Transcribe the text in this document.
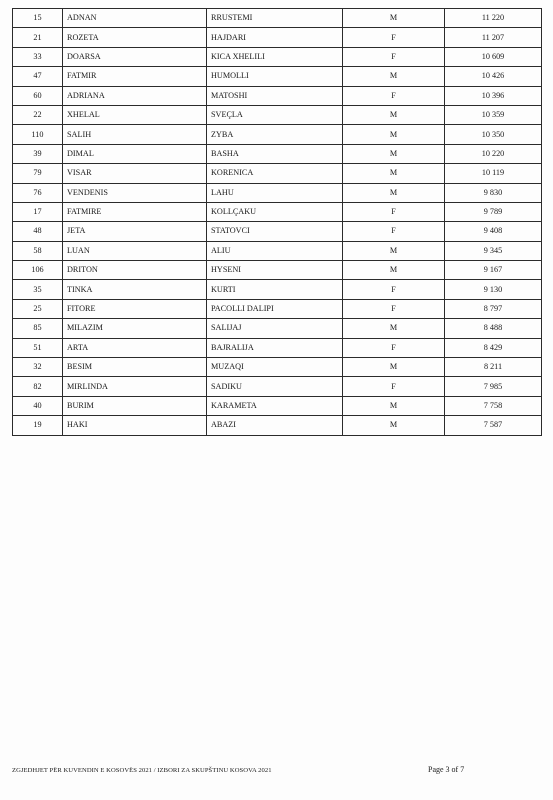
15	ADNAN	RRUSTEMI	M	11 220
21	ROZETA	HAJDARI	F	11 207
33	DOARSA	KICA XHELILI	F	10 609
47	FATMIR	HUMOLLI	M	10 426
60	ADRIANA	MATOSHI	F	10 396
22	XHELAL	SVEÇLA	M	10 359
110	SALIH	ZYBA	M	10 350
39	DIMAL	BASHA	M	10 220
79	VISAR	KORENICA	M	10 119
76	VENDENIS	LAHU	M	9 830
17	FATMIRE	KOLLÇAKU	F	9 789
48	JETA	STATOVCI	F	9 408
58	LUAN	ALIU	M	9 345
106	DRITON	HYSENI	M	9 167
35	TINKA	KURTI	F	9 130
25	FITORE	PACOLLI DALIPI	F	8 797
85	MILAZIM	SALIJAJ	M	8 488
51	ARTA	BAJRALIJA	F	8 429
32	BESIM	MUZAQI	M	8 211
82	MIRLINDA	SADIKU	F	7 985
40	BURIM	KARAMETA	M	7 758
19	HAKI	ABAZI	M	7 587
ZGJEDHJET PËR KUVENDIN E KOSOVËS 2021 / IZBORI ZA SKUPŠTINU KOSOVA 2021	Page 3 of 7
